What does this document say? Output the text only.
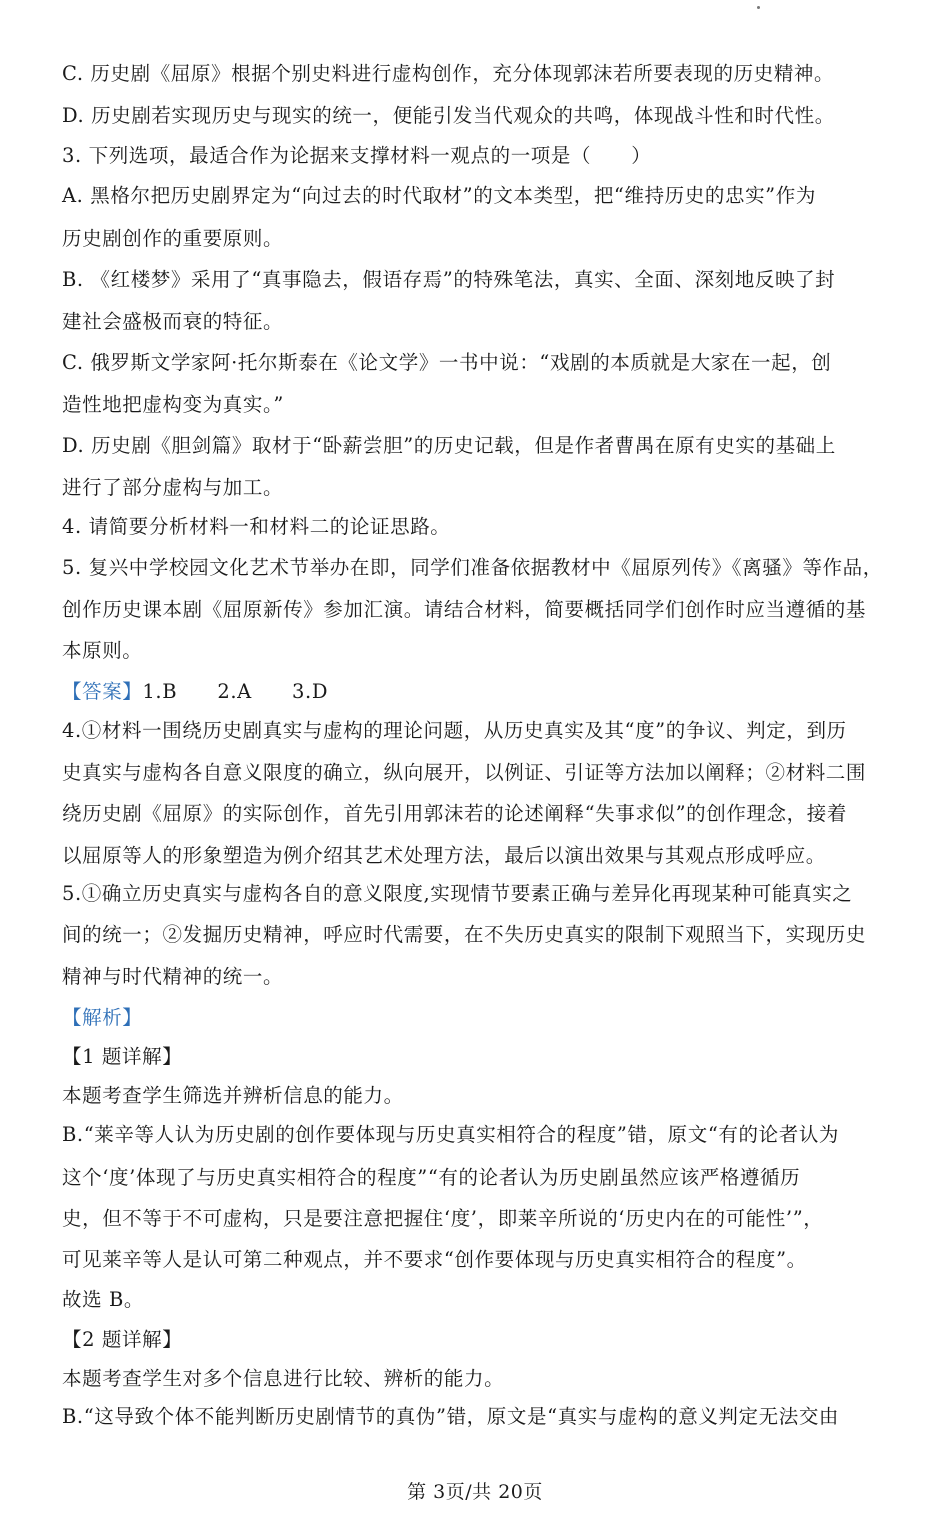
C. 历史剧《屈原》根据个别史料进行虚构创作，充分体现郭沫若所要表现的历史精神。
D. 历史剧若实现历史与现实的统一，便能引发当代观众的共鸣，体现战斗性和时代性。
3. 下列选项，最适合作为论据来支撑材料一观点的一项是（　　）
A. 黑格尔把历史剧界定为“向过去的时代取材”的文本类型，把“维持历史的忠实”作为
历史剧创作的重要原则。
B. 《红楼梦》采用了“真事隐去，假语存焉”的特殊笔法，真实、全面、深刻地反映了封
建社会盛极而衰的特征。
C. 俄罗斯文学家阿·托尔斯泰在《论文学》一书中说：“戏剧的本质就是大家在一起，创
造性地把虚构变为真实。”
D. 历史剧《胆剑篇》取材于“卧薪尝胆”的历史记载，但是作者曹禺在原有史实的基础上
进行了部分虚构与加工。
4. 请简要分析材料一和材料二的论证思路。
5. 复兴中学校园文化艺术节举办在即，同学们准备依据教材中《屈原列传》《离骚》等作品，
创作历史课本剧《屈原新传》参加汇演。请结合材料，简要概括同学们创作时应当遵循的基
本原则。
【答案】1.B　　2.A　　3.D
4.①材料一围绕历史剧真实与虚构的理论问题，从历史真实及其“度”的争议、判定，到历
史真实与虚构各自意义限度的确立，纵向展开，以例证、引证等方法加以阐释；②材料二围
绕历史剧《屈原》的实际创作，首先引用郭沫若的论述阐释“失事求似”的创作理念，接着
以屈原等人的形象塑造为例介绍其艺术处理方法，最后以演出效果与其观点形成呼应。
5.①确立历史真实与虚构各自的意义限度,实现情节要素正确与差异化再现某种可能真实之
间的统一；②发掘历史精神，呼应时代需要，在不失历史真实的限制下观照当下，实现历史
精神与时代精神的统一。
【解析】
【1 题详解】
本题考查学生筛选并辨析信息的能力。
B.“莱辛等人认为历史剧的创作要体现与历史真实相符合的程度”错，原文“有的论者认为
这个‘度’体现了与历史真实相符合的程度”“有的论者认为历史剧虽然应该严格遵循历
史，但不等于不可虚构，只是要注意把握住‘度’，即莱辛所说的‘历史内在的可能性’”，
可见莱辛等人是认可第二种观点，并不要求“创作要体现与历史真实相符合的程度”。
故选 B。
【2 题详解】
本题考查学生对多个信息进行比较、辨析的能力。
B.“这导致个体不能判断历史剧情节的真伪”错，原文是“真实与虚构的意义判定无法交由
第 3页/共 20页
